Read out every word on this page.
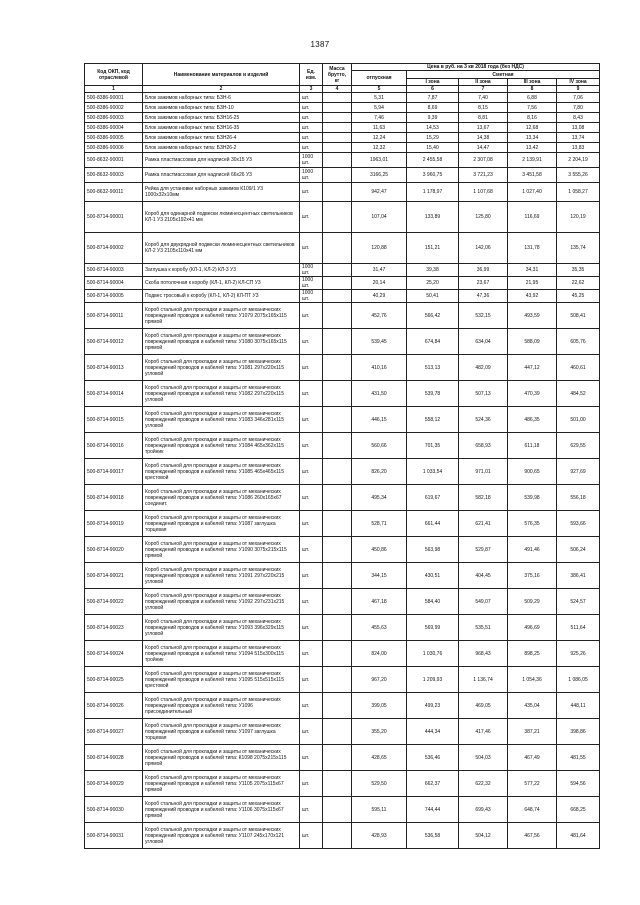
1387
Код ОКП, код отраслевой	Наименование материалов и изделий	Ед. изм.	Масса брутто, кг	Цена в руб. на 3 кв 2018 года (без НДС)				
				отпускная	Сметная			
					I зона	II зона	III зона	IV зона
1	2	3	4	5	6	7	8	9
500-8386-90001	Блок зажимов наборных типа: БЗН-6	шт.		5,31	7,87	7,40	6,88	7,06
500-8386-90002	Блок зажимов наборных типа: БЗН-10	шт.		5,94	8,69	8,15	7,56	7,80
500-8386-90003	Блок зажимов наборных типа: БЗН16-25	шт.		7,46	9,39	8,81	8,16	8,43
500-8386-90004	Блок зажимов наборных типа: БЗН16-35	шт.		11,63	14,53	13,67	12,68	13,08
500-8386-90005	Блок зажимов наборных типа: БЗН26-4	шт.		12,24	15,29	14,38	13,34	13,74
500-8386-90006	Блок зажимов наборных типа: БЗН26-2	шт.		12,32	15,40	14,47	13,42	13,83
500-8632-90001	Рамка пластмассовая для надписей 30х15 У3	1000 шт.		1963,01	2 455,58	2 307,08	2 139,91	2 204,19
500-8632-90003	Рамка пластмассовая для надписей 66х26 У3	1000 шт.		3166,25	3 960,75	3 721,23	3 451,58	3 555,26
500-8632-90011	Рейка для установки наборных зажимов К109/1 У3 1000х32х10мм	шт.		942,47	1 178,97	1 107,68	1 027,40	1 058,27
500-8714-90001	Короб для одинарной подвески люминесцентных светильников КЛ-1 У3 2105х192х41 мм	шт.		107,04	133,89	125,80	116,69	120,19
500-8714-90002	Короб для двукрядной подвески люминесцентных светильников КЛ-2 У3 2105х110х41 мм	шт.		120,88	151,21	142,06	131,78	135,74
500-8714-90003	Заглушка к коробу (КЛ-1, КЛ-2) КЛ-3 У3	1000 шт.		31,47	39,38	36,99	34,31	35,35
500-8714-90004	Скоба потолочная к коробу (КЛ-1, КЛ-2) КЛ-СП У3	1000 шт.		20,14	25,20	23,67	21,95	22,62
500-8714-90005	Подвес тросовый к коробу (КЛ-1, КЛ-2) КЛ-ПТ У3	1000 шт.		40,29	50,41	47,36	43,92	45,25
500-8714-90011	Короб стальной для прокладки и защиты от механических повреждений проводов и кабелей типа: У1079 2075х165х115 прямой	шт.		452,76	566,42	532,15	493,59	508,41
500-8714-90012	Короб стальной для прокладки и защиты от механических повреждений проводов и кабелей типа: У1080 3075х165х115 прямой	шт.		539,45	674,84	634,04	588,09	605,76
500-8714-90013	Короб стальной для прокладки и защиты от механических повреждений проводов и кабелей типа: У1081 297х220х115 угловой	шт.		410,16	513,13	482,09	447,12	460,61
500-8714-90014	Короб стальной для прокладки и защиты от механических повреждений проводов и кабелей типа: У1082 297х220х115 угловой	шт.		431,50	539,78	507,13	470,39	484,52
500-8714-90015	Короб стальной для прокладки и защиты от механических повреждений проводов и кабелей типа: У1083 346х281х115 угловой	шт.		446,15	558,12	524,36	486,35	501,00
500-8714-90016	Короб стальной для прокладки и защиты от механических повреждений проводов и кабелей типа: У1084 465х362х115 тройник	шт.		560,66	701,35	658,93	611,18	629,55
500-8714-90017	Короб стальной для прокладки и защиты от механических повреждений проводов и кабелей типа: У1085 465х465х115 крестовой	шт.		826,20	1 033,54	971,01	900,65	927,69
500-8714-90018	Короб стальной для прокладки и защиты от механических повреждений проводов и кабелей типа: У1086 260х165х67 соединит.	шт.		495,34	619,67	582,18	539,98	556,18
500-8714-90019	Короб стальной для прокладки и защиты от механических повреждений проводов и кабелей типа: У1087 заглушка торцевая	шт.		528,71	661,44	621,41	576,35	593,66
500-8714-90020	Короб стальной для прокладки и защиты от механических повреждений проводов и кабелей типа: У1090 3075х215х115 прямой	шт.		450,86	563,98	529,87	491,46	506,24
500-8714-90021	Короб стальной для прокладки и защиты от механических повреждений проводов и кабелей типа: У1091 297х220х215 угловой	шт.		344,15	430,51	404,45	375,16	386,41
500-8714-90022	Короб стальной для прокладки и защиты от механических повреждений проводов и кабелей типа: У1092 297х231х215 угловой	шт.		467,18	584,40	549,07	509,29	524,57
500-8714-90023	Короб стальной для прокладки и защиты от механических повреждений проводов и кабелей типа: У1093 396х329х115 угловой	шт.		455,63	569,99	535,51	496,69	511,64
500-8714-90024	Короб стальной для прокладки и защиты от механических повреждений проводов и кабелей типа: У1094 515х300х115 тройник	шт.		824,00	1 030,76	968,43	898,25	925,26
500-8714-90025	Короб стальной для прокладки и защиты от механических повреждений проводов и кабелей типа: У1095 515х515х115 крестовой	шт.		967,20	1 209,93	1 136,74	1 054,36	1 086,05
500-8714-90026	Короб стальной для прокладки и защиты от механических повреждений проводов и кабелей типа: У1096 присоединительный	шт.		399,05	499,23	469,05	435,04	448,11
500-8714-90027	Короб стальной для прокладки и защиты от механических повреждений проводов и кабелей типа: У1097 заглушка торцевая	шт.		355,20	444,34	417,46	387,21	398,86
500-8714-90028	Короб стальной для прокладки и защиты от механических повреждений проводов и кабелей типа: К1098 2075х215х115 прямой	шт.		428,65	536,46	504,03	467,49	481,55
500-8714-90029	Короб стальной для прокладки и защиты от механических повреждений проводов и кабелей типа: У1105 2075х115х67 прямой	шт.		529,50	662,37	622,32	577,22	594,56
500-8714-90030	Короб стальной для прокладки и защиты от механических повреждений проводов и кабелей типа: У1106 3075х115х67 прямой	шт.		595,11	744,44	699,43	648,74	668,25
500-8714-90031	Короб стальной для прокладки и защиты от механических повреждений проводов и кабелей типа: У1107 245х170х121 угловой	шт.		428,93	536,58	504,12	467,56	481,64
